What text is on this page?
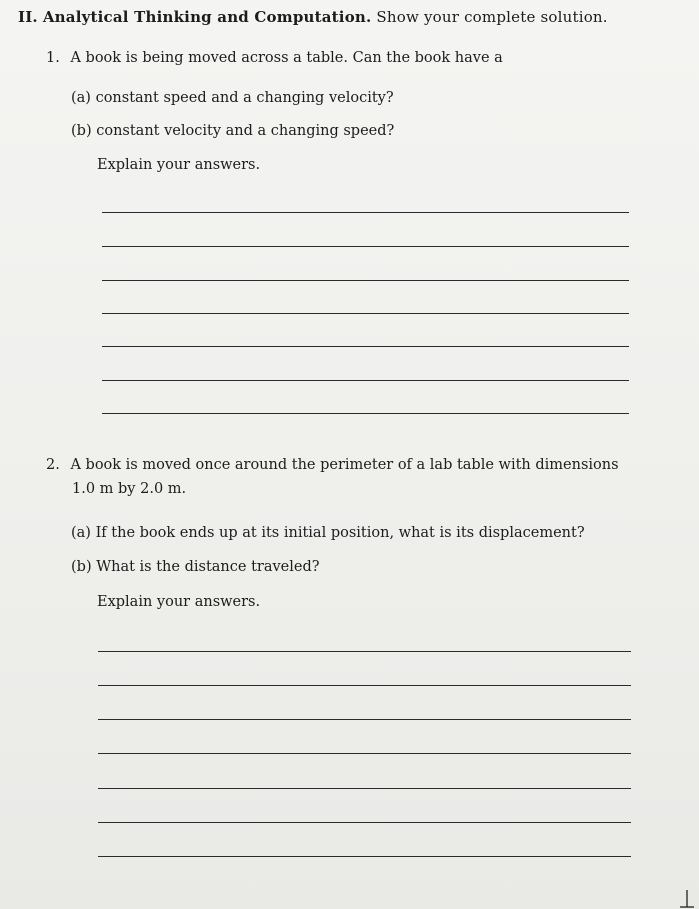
II. Analytical Thinking and Computation. Show your complete solution.
1. A book is being moved across a table. Can the book have a
(a) constant speed and a changing velocity?
(b) constant velocity and a changing speed?
Explain your answers.
2. A book is moved once around the perimeter of a lab table with dimensions
1.0 m by 2.0 m.
(a) If the book ends up at its initial position, what is its displacement?
(b) What is the distance traveled?
Explain your answers.
